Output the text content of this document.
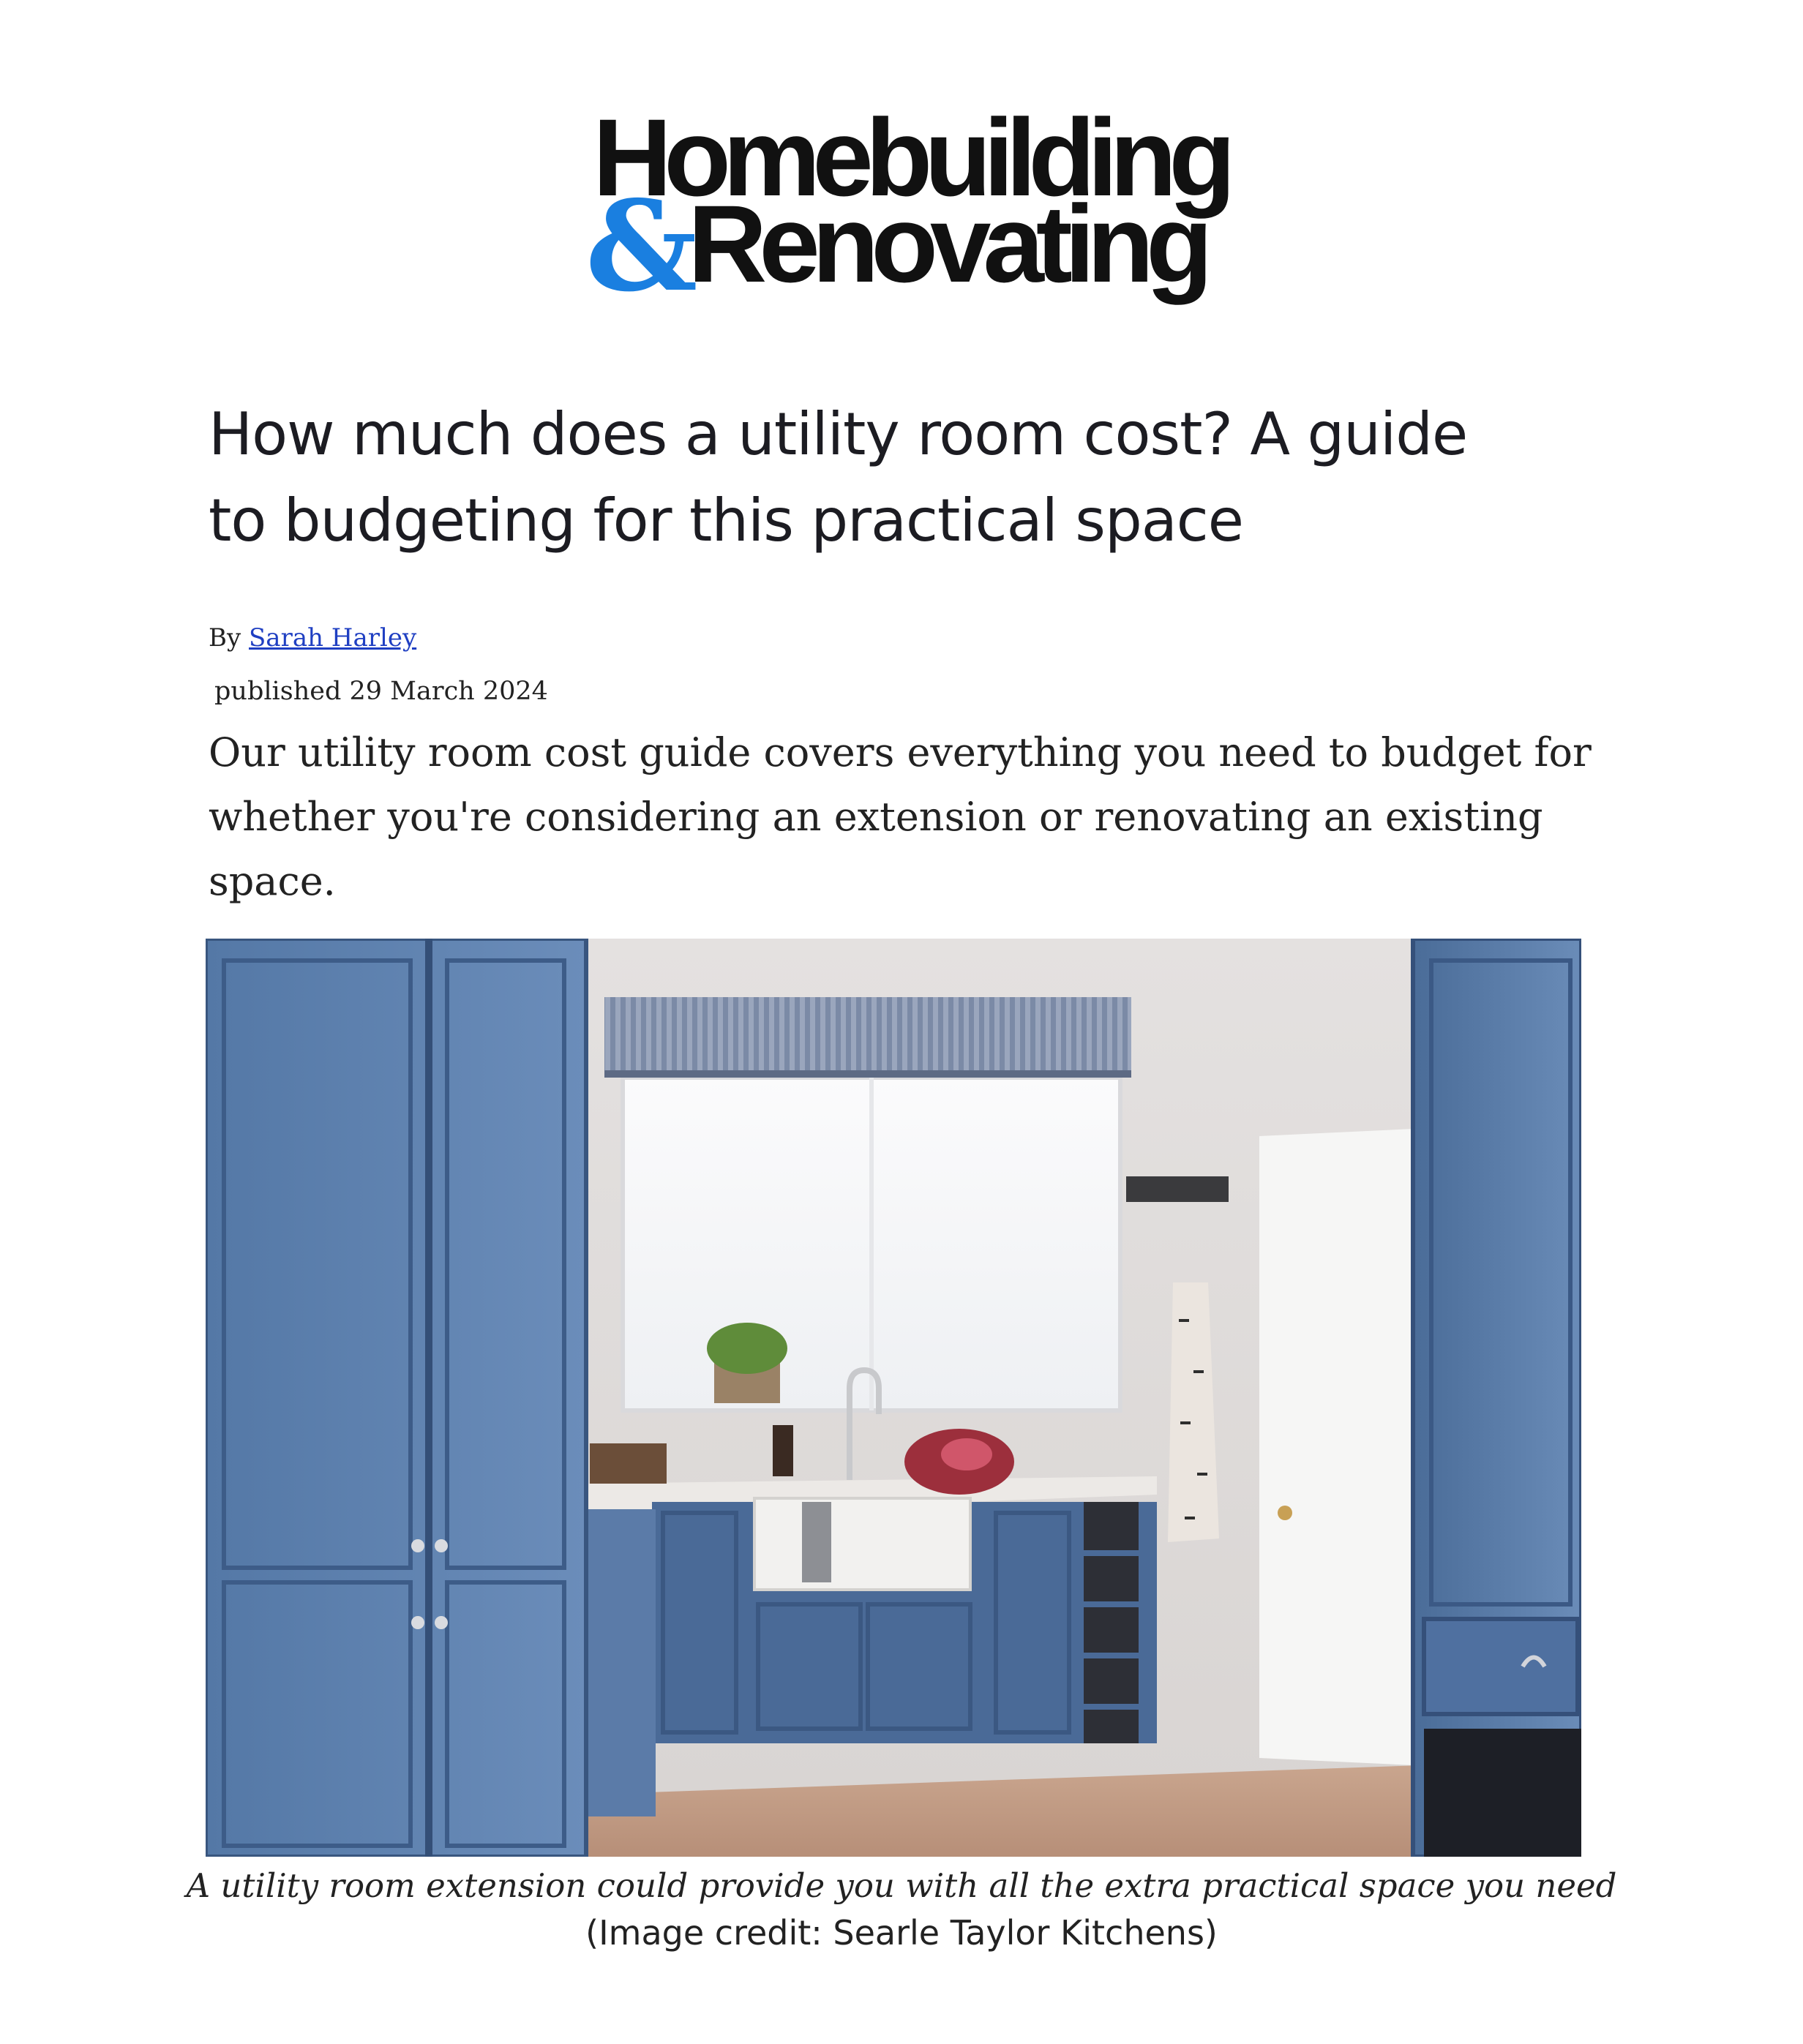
Homebuilding
&
Renovating
How much does a utility room cost? A guide
to budgeting for this practical space
By Sarah Harley
published 29 March 2024

Our utility room cost guide covers everything you need to budget for
whether you're considering an extension or renovating an existing
space.

A utility room extension could provide you with all the extra practical space you need
(Image credit: Searle Taylor Kitchens)
